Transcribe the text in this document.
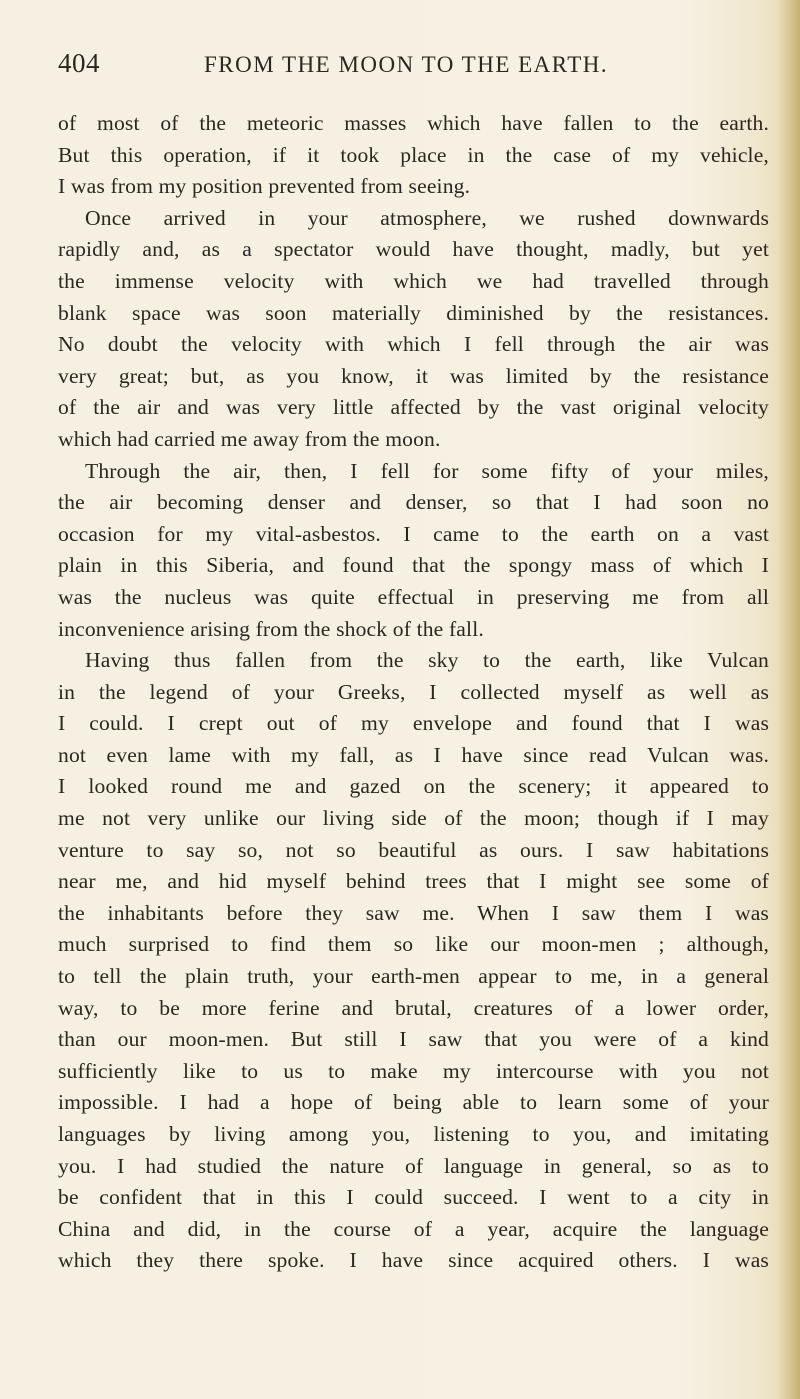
404	FROM THE MOON TO THE EARTH.
of most of the meteoric masses which have fallen to the earth.
But this operation, if it took place in the case of my vehicle,
I was from my position prevented from seeing.
Once arrived in your atmosphere, we rushed downwards
rapidly and, as a spectator would have thought, madly, but yet
the immense velocity with which we had travelled through
blank space was soon materially diminished by the resistances.
No doubt the velocity with which I fell through the air was
very great; but, as you know, it was limited by the resistance
of the air and was very little affected by the vast original velocity
which had carried me away from the moon.
Through the air, then, I fell for some fifty of your miles,
the air becoming denser and denser, so that I had soon no
occasion for my vital-asbestos. I came to the earth on a vast
plain in this Siberia, and found that the spongy mass of which I
was the nucleus was quite effectual in preserving me from all
inconvenience arising from the shock of the fall.
Having thus fallen from the sky to the earth, like Vulcan
in the legend of your Greeks, I collected myself as well as
I could. I crept out of my envelope and found that I was
not even lame with my fall, as I have since read Vulcan was.
I looked round me and gazed on the scenery; it appeared to
me not very unlike our living side of the moon; though if I may
venture to say so, not so beautiful as ours. I saw habitations
near me, and hid myself behind trees that I might see some of
the inhabitants before they saw me. When I saw them I was
much surprised to find them so like our moon-men ; although,
to tell the plain truth, your earth-men appear to me, in a general
way, to be more ferine and brutal, creatures of a lower order,
than our moon-men. But still I saw that you were of a kind
sufficiently like to us to make my intercourse with you not
impossible. I had a hope of being able to learn some of your
languages by living among you, listening to you, and imitating
you. I had studied the nature of language in general, so as to
be confident that in this I could succeed. I went to a city in
China and did, in the course of a year, acquire the language
which they there spoke. I have since acquired others. I was
